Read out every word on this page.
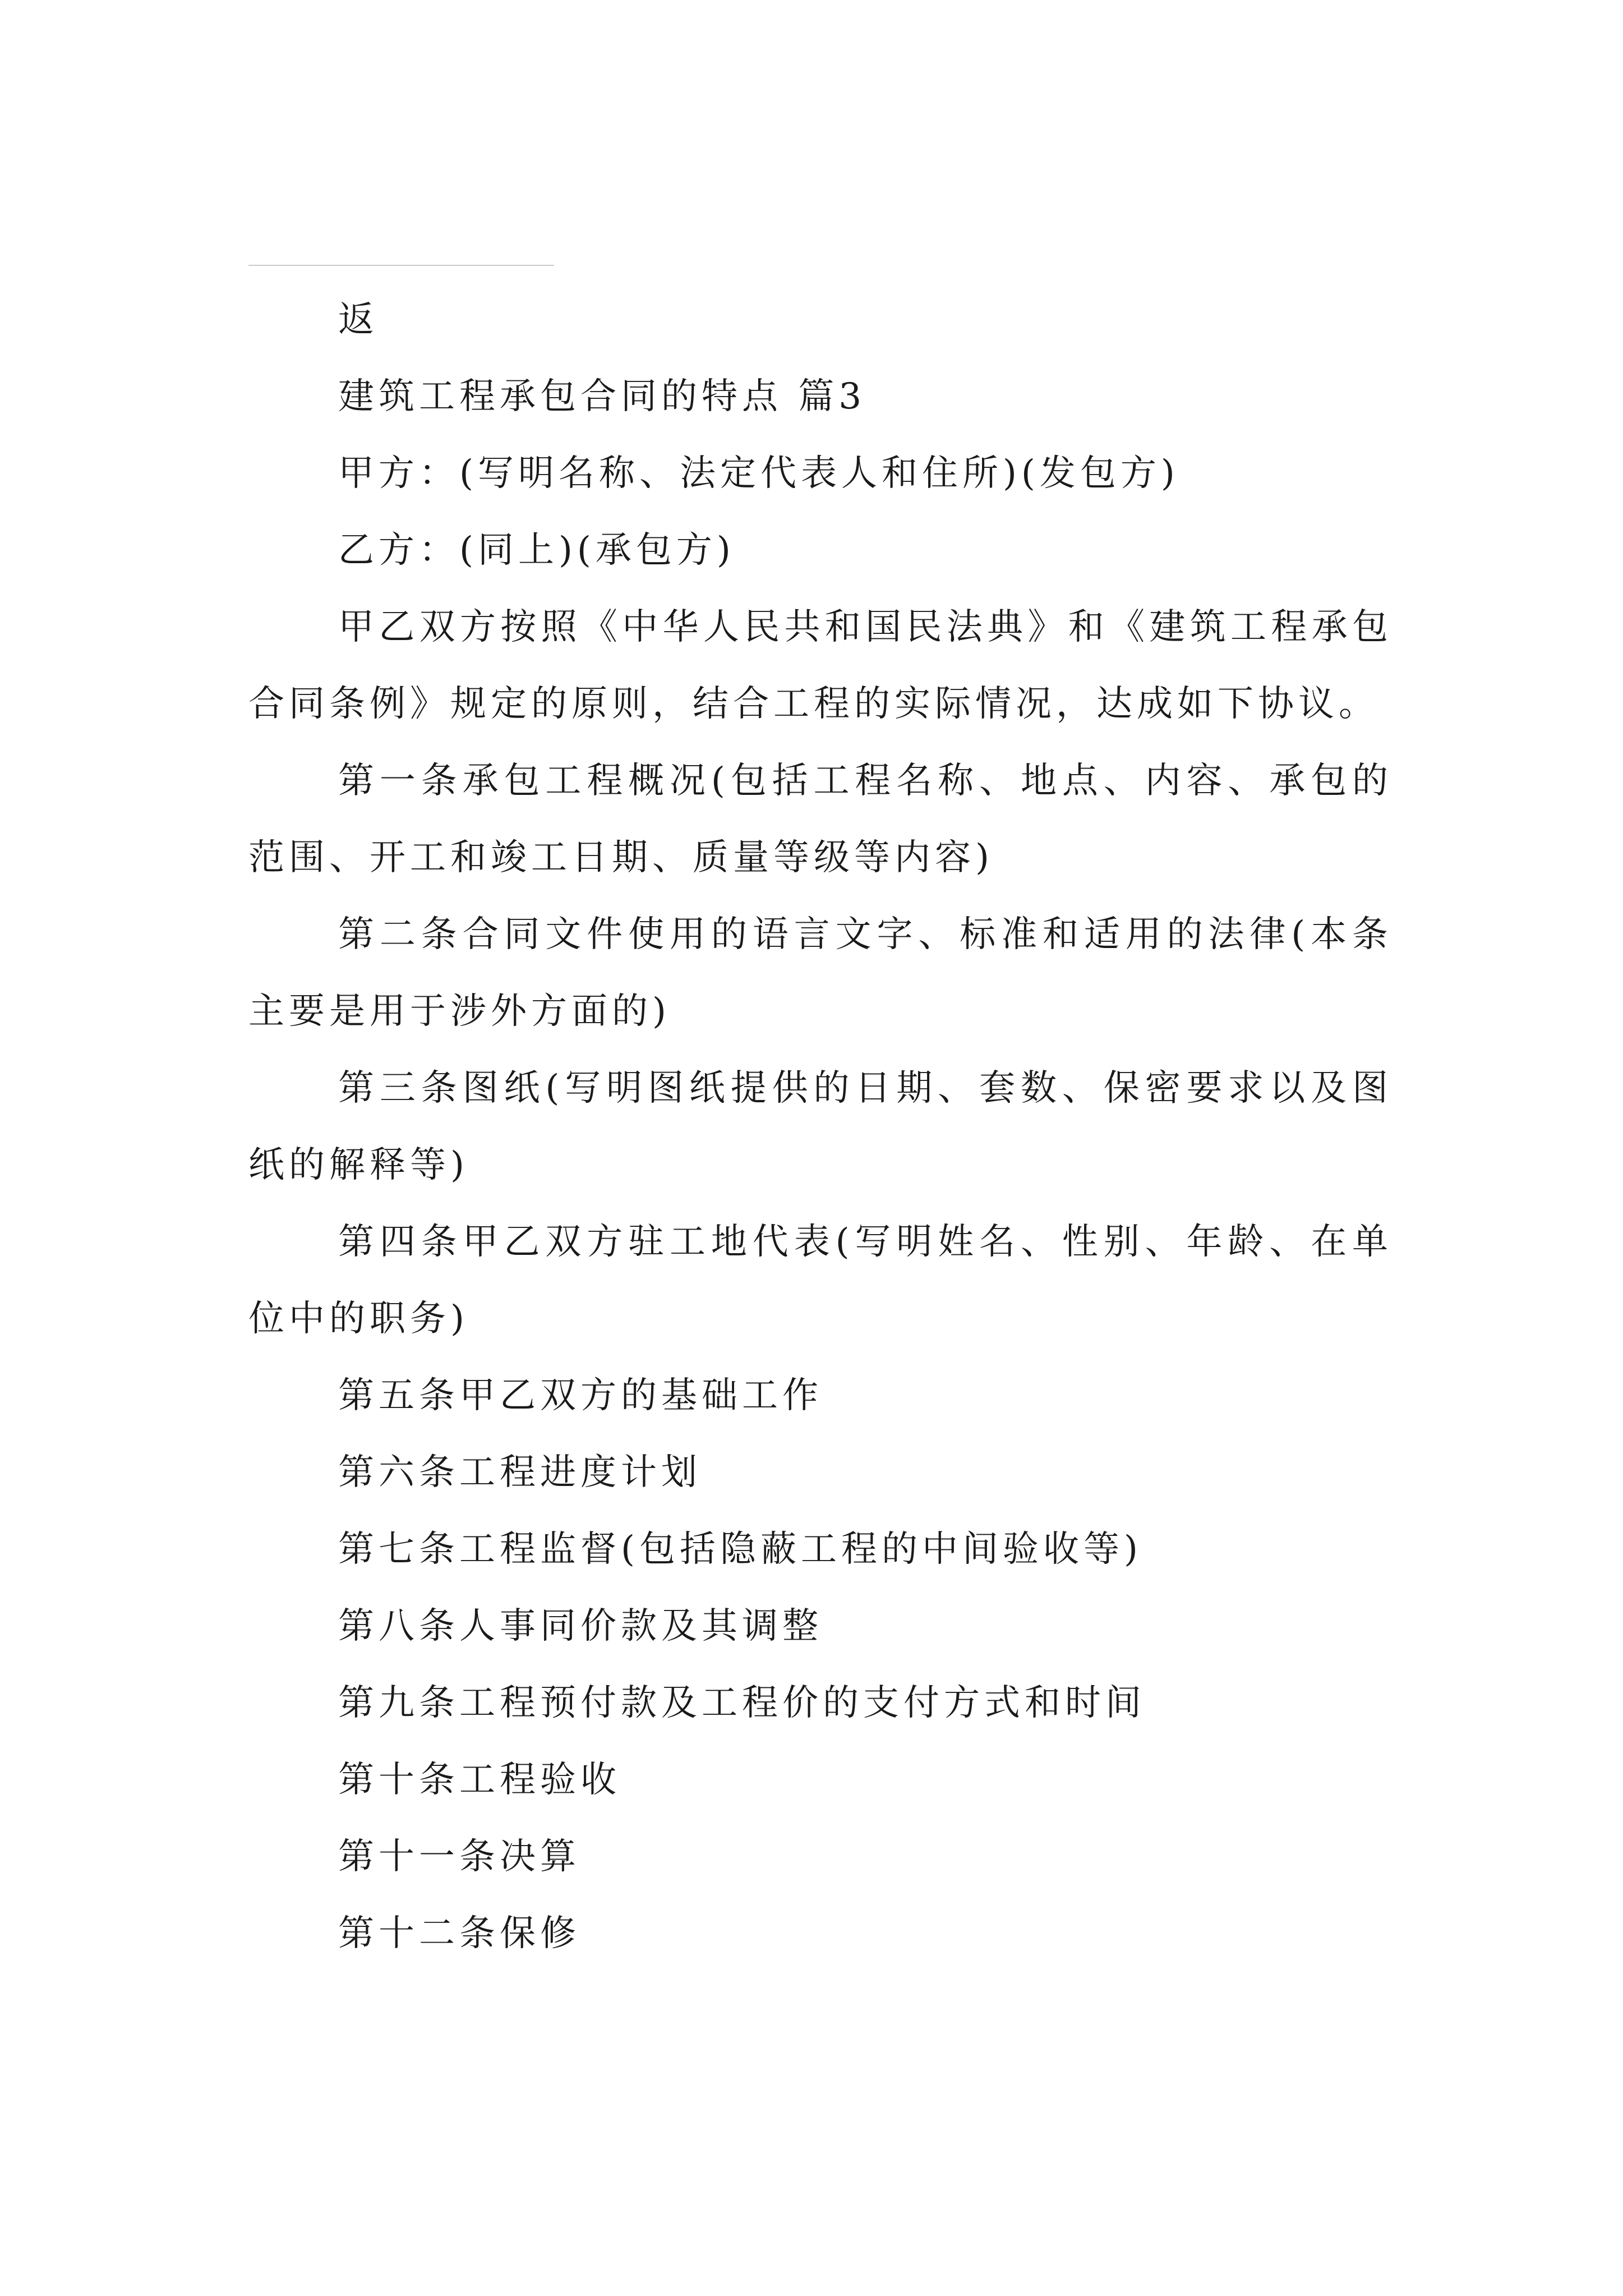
返
建筑工程承包合同的特点 篇3
甲方：(写明名称、法定代表人和住所)(发包方)
乙方：(同上)(承包方)
甲乙双方按照《中华人民共和国民法典》和《建筑工程承包合同条例》规定的原则，结合工程的实际情况，达成如下协议。
第一条承包工程概况(包括工程名称、地点、内容、承包的范围、开工和竣工日期、质量等级等内容)
第二条合同文件使用的语言文字、标准和适用的法律(本条主要是用于涉外方面的)
第三条图纸(写明图纸提供的日期、套数、保密要求以及图纸的解释等)
第四条甲乙双方驻工地代表(写明姓名、性别、年龄、在单位中的职务)
第五条甲乙双方的基础工作
第六条工程进度计划
第七条工程监督(包括隐蔽工程的中间验收等)
第八条人事同价款及其调整
第九条工程预付款及工程价的支付方式和时间
第十条工程验收
第十一条决算
第十二条保修
